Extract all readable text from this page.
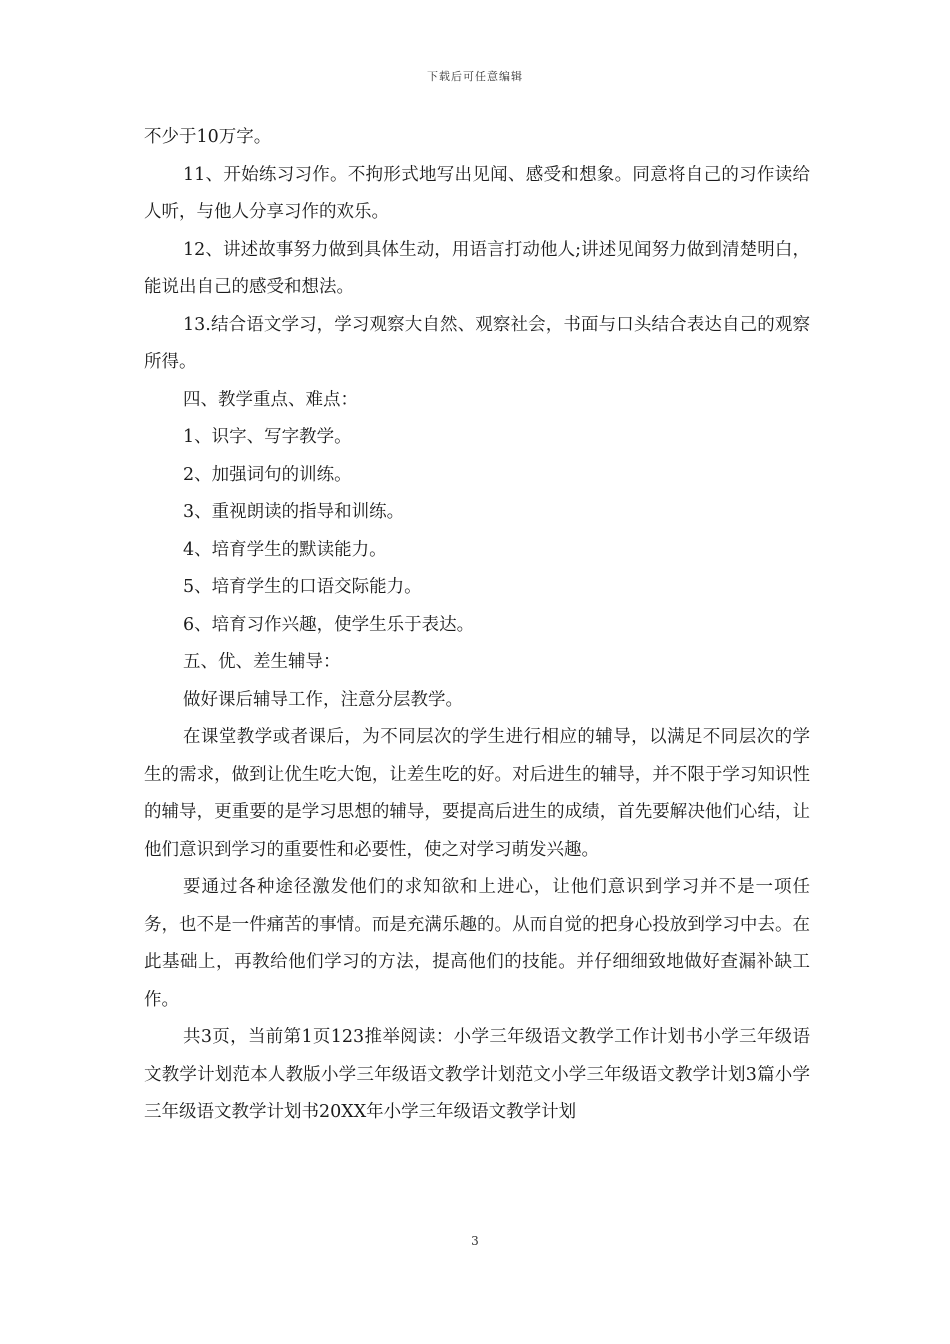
下载后可任意编辑

不少于10万字。

11、开始练习习作。不拘形式地写出见闻、感受和想象。同意将自己的习作读给人听，与他人分享习作的欢乐。

12、讲述故事努力做到具体生动，用语言打动他人;讲述见闻努力做到清楚明白，能说出自己的感受和想法。

13.结合语文学习，学习观察大自然、观察社会，书面与口头结合表达自己的观察所得。

四、教学重点、难点：

1、识字、写字教学。

2、加强词句的训练。

3、重视朗读的指导和训练。

4、培育学生的默读能力。

5、培育学生的口语交际能力。

6、培育习作兴趣，使学生乐于表达。

五、优、差生辅导：

做好课后辅导工作，注意分层教学。

在课堂教学或者课后，为不同层次的学生进行相应的辅导，以满足不同层次的学生的需求，做到让优生吃大饱，让差生吃的好。对后进生的辅导，并不限于学习知识性的辅导，更重要的是学习思想的辅导，要提高后进生的成绩，首先要解决他们心结，让他们意识到学习的重要性和必要性，使之对学习萌发兴趣。

要通过各种途径激发他们的求知欲和上进心，让他们意识到学习并不是一项任务，也不是一件痛苦的事情。而是充满乐趣的。从而自觉的把身心投放到学习中去。在此基础上，再教给他们学习的方法，提高他们的技能。并仔细细致地做好查漏补缺工作。

共3页，当前第1页123推举阅读：小学三年级语文教学工作计划书小学三年级语文教学计划范本人教版小学三年级语文教学计划范文小学三年级语文教学计划3篇小学三年级语文教学计划书20XX年小学三年级语文教学计划

3
